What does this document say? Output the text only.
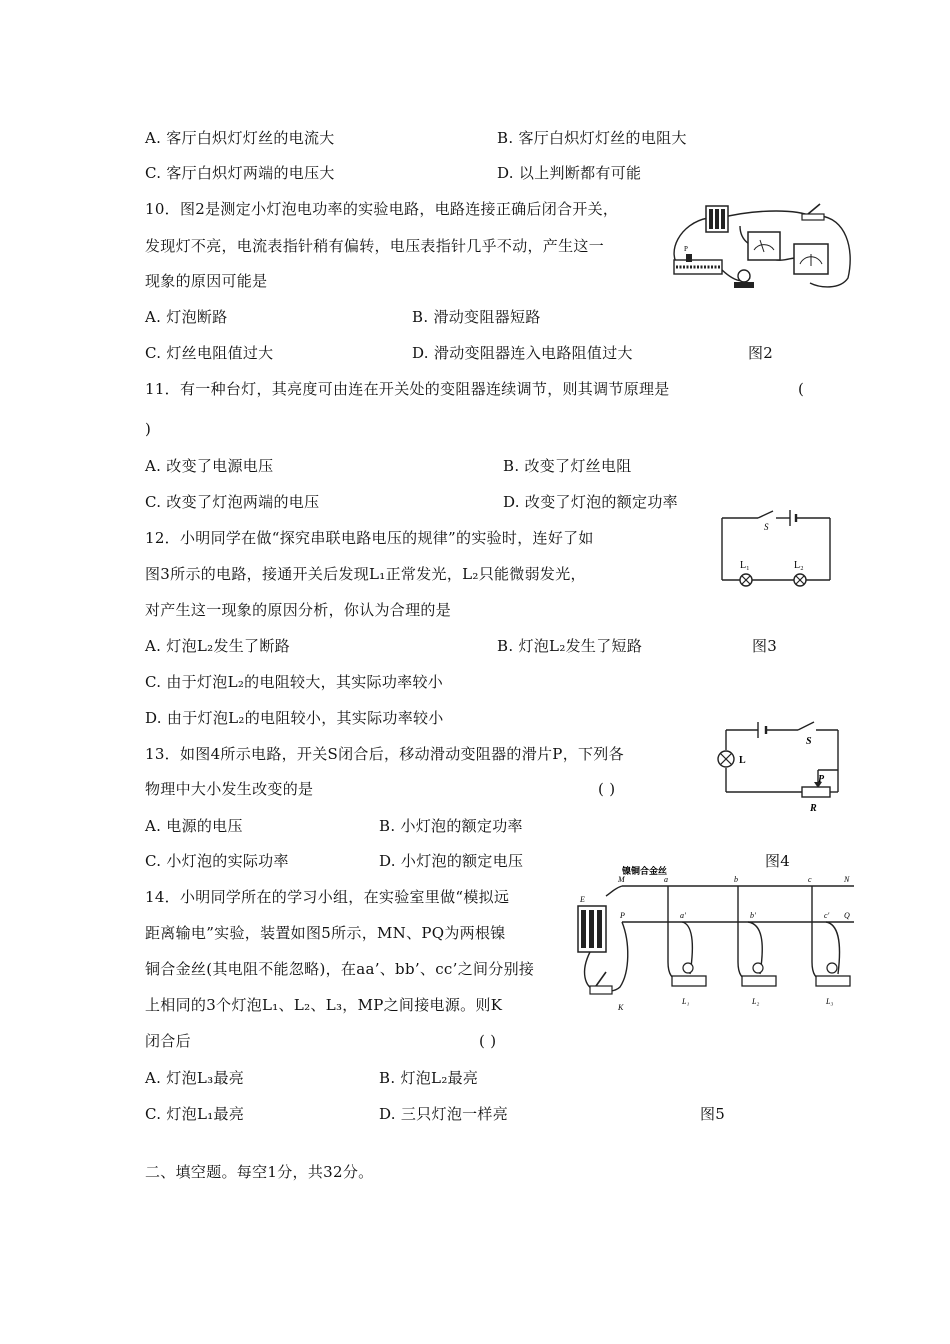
A. 客厅白炽灯灯丝的电流大	B. 客厅白炽灯灯丝的电阻大
C. 客厅白炽灯两端的电压大	D. 以上判断都有可能
10．图2是测定小灯泡电功率的实验电路，电路连接正确后闭合开关，
发现灯不亮，电流表指针稍有偏转，电压表指针几乎不动，产生这一
现象的原因可能是
A. 灯泡断路	B. 滑动变阻器短路
C. 灯丝电阻值过大	D. 滑动变阻器连入电路阻值过大	图2
P
11．有一种台灯，其亮度可由连在开关处的变阻器连续调节，则其调节原理是	(
)
A. 改变了电源电压	B. 改变了灯丝电阻
C. 改变了灯泡两端的电压	D. 改变了灯泡的额定功率
12．小明同学在做“探究串联电路电压的规律”的实验时，连好了如
图3所示的电路，接通开关后发现L₁正常发光，L₂只能微弱发光，
对产生这一现象的原因分析，你认为合理的是
A. 灯泡L₂发生了断路	B. 灯泡L₂发生了短路	图3
C. 由于灯泡L₂的电阻较大，其实际功率较小
D. 由于灯泡L₂的电阻较小，其实际功率较小
S
L₁	L₂
13．如图4所示电路，开关S闭合后，移动滑动变阻器的滑片P，下列各
物理中大小发生改变的是	( )
A. 电源的电压	B. 小灯泡的额定功率
C. 小灯泡的实际功率	D. 小灯泡的额定电压	图4
S
L
P
R
14．小明同学所在的学习小组，在实验室里做“模拟远
距离输电”实验，装置如图5所示，MN、PQ为两根镍
铜合金丝(其电阻不能忽略)，在aa’、bb’、cc’之间分别接
上相同的3个灯泡L₁、L₂、L₃，MP之间接电源。则K
闭合后	( )
A. 灯泡L₃最亮	B. 灯泡L₂最亮
C. 灯泡L₁最亮	D. 三只灯泡一样亮	图5
镍铜合金丝
M	N
P	Q
E
K
a	b	c
a'	b'	c'
L₁	L₂	L₃
二、填空题。每空1分，共32分。
